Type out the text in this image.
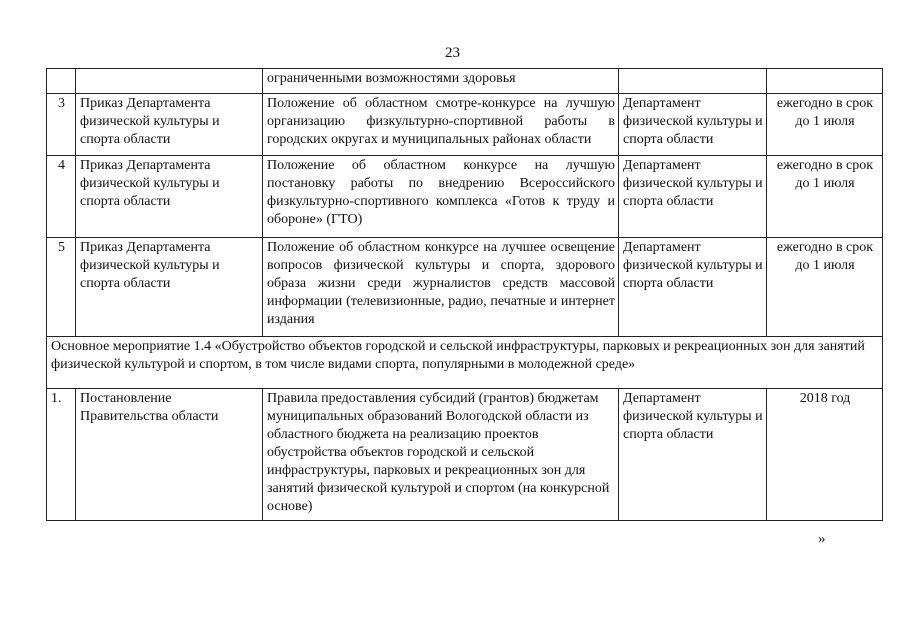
23
		ограниченными возможностями здоровья		
3	Приказ Департамента физической культуры и спорта области	Положение об областном смотре-конкурсе на лучшую организацию физкультурно-спортивной работы в городских округах и муниципальных районах области	Департамент физической культуры и спорта области	ежегодно в срок до 1 июля
4	Приказ Департамента физической культуры и спорта области	Положение об областном конкурсе на лучшую постановку работы по внедрению Всероссийского физкультурно-спортивного комплекса «Готов к труду и обороне» (ГТО)	Департамент физической культуры и спорта области	ежегодно в срок до 1 июля
5	Приказ Департамента физической культуры и спорта области	Положение об областном конкурсе на лучшее освещение вопросов физической культуры и спорта, здорового образа жизни среди журналистов средств массовой информации (телевизионные, радио, печатные и интернет издания	Департамент физической культуры и спорта области	ежегодно в срок до 1 июля
Основное мероприятие 1.4 «Обустройство объектов городской и сельской инфраструктуры, парковых и рекреационных зон для занятий физической культурой и спортом, в том числе видами спорта, популярными в молодежной среде»				
1.	Постановление Правительства области	Правила предоставления субсидий (грантов) бюджетам муниципальных образований Вологодской области из областного бюджета на реализацию проектов обустройства объектов городской и сельской инфраструктуры, парковых и рекреационных зон для занятий физической культурой и спортом (на конкурсной основе)	Департамент физической культуры и спорта области	2018 год
»
